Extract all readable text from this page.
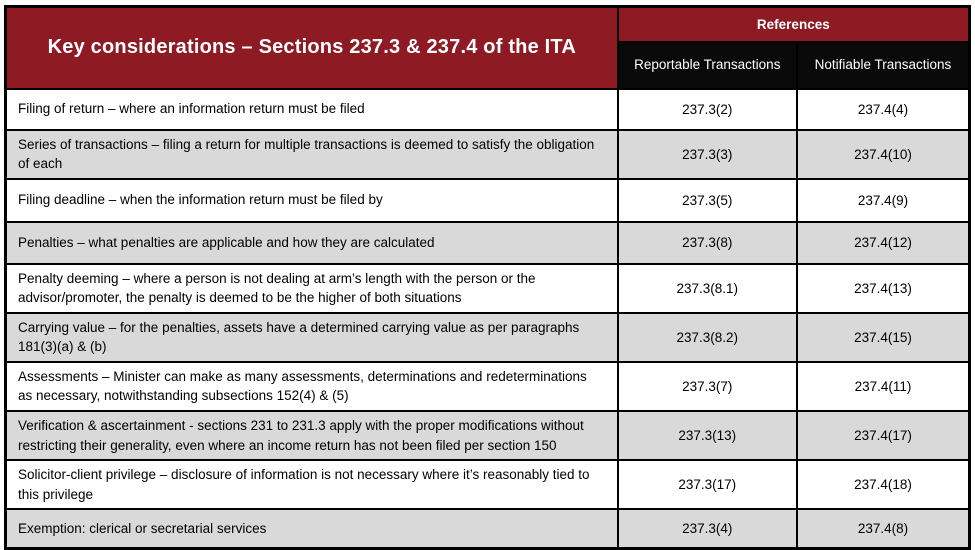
Key considerations – Sections 237.3 & 237.4 of the ITA	References	
	Reportable Transactions	Notifiable Transactions
Filing of return – where an information return must be filed	237.3(2)	237.4(4)
Series of transactions – filing a return for multiple transactions is deemed to satisfy the obligation of each	237.3(3)	237.4(10)
Filing deadline – when the information return must be filed by	237.3(5)	237.4(9)
Penalties – what penalties are applicable and how they are calculated	237.3(8)	237.4(12)
Penalty deeming – where a person is not dealing at arm’s length with the person or the advisor/promoter, the penalty is deemed to be the higher of both situations	237.3(8.1)	237.4(13)
Carrying value – for the penalties, assets have a determined carrying value as per paragraphs 181(3)(a) & (b)	237.3(8.2)	237.4(15)
Assessments – Minister can make as many assessments, determinations and redeterminations as necessary, notwithstanding subsections 152(4) & (5)	237.3(7)	237.4(11)
Verification & ascertainment - sections 231 to 231.3 apply with the proper modifications without restricting their generality, even where an income return has not been filed per section 150	237.3(13)	237.4(17)
Solicitor-client privilege – disclosure of information is not necessary where it’s reasonably tied to this privilege	237.3(17)	237.4(18)
Exemption: clerical or secretarial services	237.3(4)	237.4(8)
